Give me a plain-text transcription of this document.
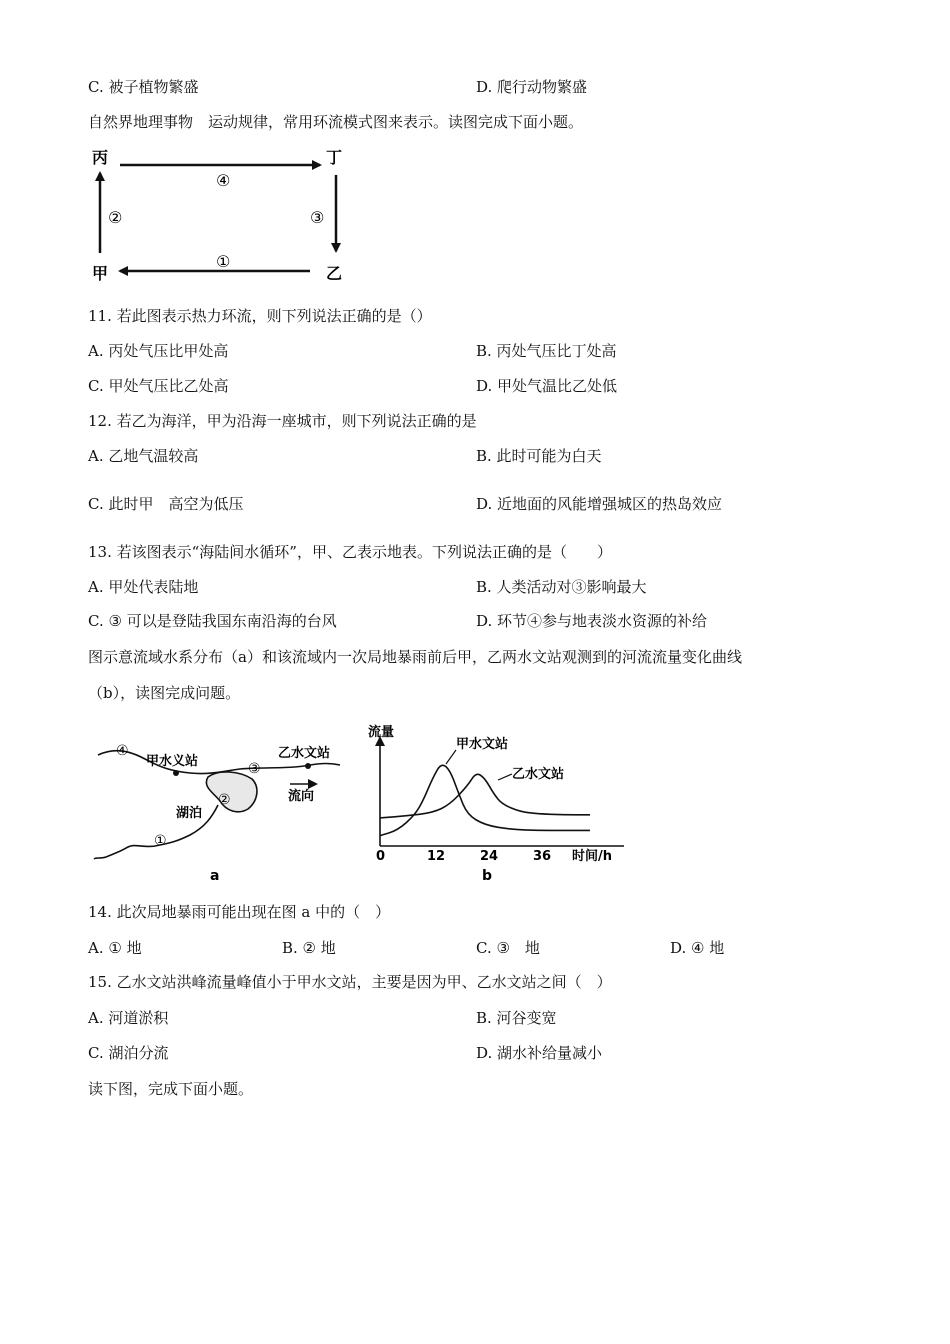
C. 被子植物繁盛	D. 爬行动物繁盛
自然界地理事物　运动规律，常用环流模式图来表示。读图完成下面小题。
丙	丁
甲	乙
④
③
①
②
11. 若此图表示热力环流，则下列说法正确的是（）
A. 丙处气压比甲处高	B. 丙处气压比丁处高
C. 甲处气压比乙处高	D. 甲处气温比乙处低
12. 若乙为海洋，甲为沿海一座城市，则下列说法正确的是
A. 乙地气温较高	B. 此时可能为白天
C. 此时甲　高空为低压	D. 近地面的风能增强城区的热岛效应
13. 若该图表示“海陆间水循环”，甲、乙表示地表。下列说法正确的是（　　）
A. 甲处代表陆地	B. 人类活动对③影响最大
C. ③ 可以是登陆我国东南沿海的台风	D. 环节④参与地表淡水资源的补给
图示意流域水系分布（a）和该流域内一次局地暴雨前后甲，乙两水文站观测到的河流流量变化曲线
（b），读图完成问题。
甲水义站
乙水文站
湖泊
流向
④
③
②
①
a
流量
时间/h
0	12	24	36
甲水文站
乙水文站
b
14. 此次局地暴雨可能出现在图 a 中的（　）
A. ① 地	B. ② 地	C. ③　地	D. ④ 地
15. 乙水文站洪峰流量峰值小于甲水文站，主要是因为甲、乙水文站之间（　）
A. 河道淤积	B. 河谷变宽
C. 湖泊分流	D. 湖水补给量减小
读下图，完成下面小题。
